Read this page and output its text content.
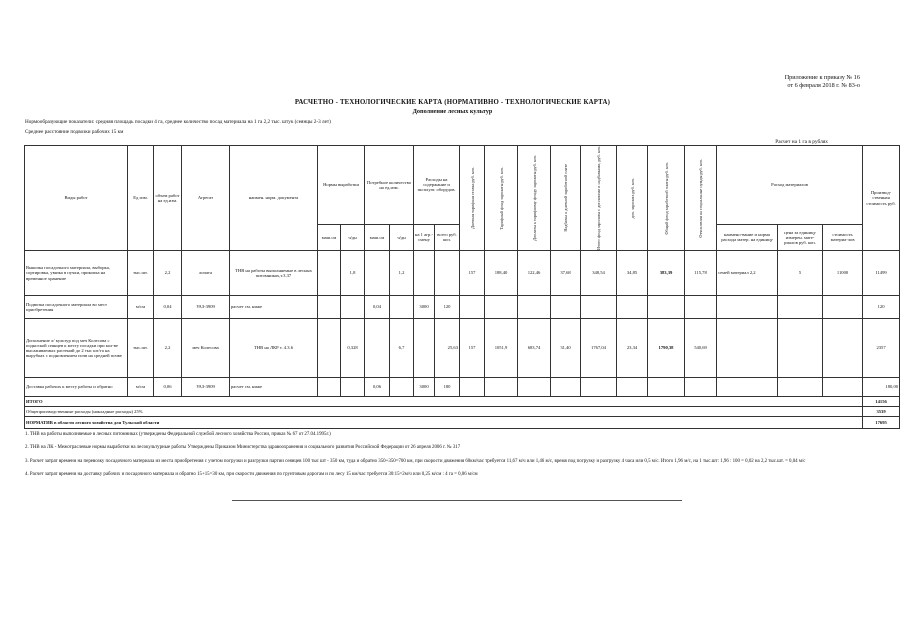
Приложение к приказу № 16
от 6 февраля 2018 г. № 83-о
РАСЧЕТНО - ТЕХНОЛОГИЧЕСКИЕ КАРТА (НОРМАТИВНО - ТЕХНОЛОГИЧЕСКИЕ КАРТА)
Дополнение лесных культур
Нормообразующие показатели: средняя площадь посадки 4 га, среднее количество посад материала на 1 га 2,2 тыс. штук (сеянцы 2-3 лет)
Среднее расстояние подвозки рабочих 15 км
Расчет на 1 га в рублях
Виды работ	Ед изм.	объем работ на ед.изм.	Агрегат	наимен. норм. документа	Нормы выработки		Потребное количество на ед.изм.		Расходы на содержание и эксплуат. оборудов.		Дневная тарифная ставка руб. коп.	Тарифный фонд зарплаты руб. коп.	Доплаты к тарифному фонду зарплаты руб. коп.	Надбавка к дневной заработной плате	Итого фонд зарплаты с доплатами и надбавками, руб. коп.	доп. зарплата руб. коп.	Общий фонд заработной платы руб. коп.	Отчисления на социальные нужды руб. коп.	Расход материалов			Производ-ственная стоимость руб.
					маш.см	ч/дн	маш.см	ч/дн	на 1 агр.-смену	всего руб. коп.									наимено-вание и норма расхода матер. на единицу	цена за единицу измерен. мате-риалов руб. коп.	стоимость материа-лов	
Выкопка посадочного материала, выборка, сортировка, увязка в пучки, прикопка на временное хранение	тыс.шт.	2,2	лопата	ТНВ на работы выполняемые в лесных питомниках,т.3.37		1,8		1,2			157	188,40	122,46	37,68	348,54	34,85	383,39	115,78	семей материал 2,2	5	11000	11499
Подвозка посадочного материала во мест приобретения	м/см	0,04	УАЗ-3909	расчет см. ниже			0,04		3000	120												120
Дополнение л/ культур под меч Колесова с подноской сеянцев к месту посадки при кол-ве высаживаемых растений до 2 тыс шт/га на вырубках с подновлением почв на средней почве	тыс.шт.	2,2	меч Колесова	ТНВ на ЛКР т. 4.3.6		0,328		6,7		25,63	157	1051,9	683,74	31,40	1767,04	23,34	1790,38	540,69				2357
Доставка рабочих к месту работы и обратно	м/см	0,06	УАЗ-3909	расчет см. ниже			0,06		3000	180												180,00
ИТОГО																						14156
Общепроизводственные расходы (накладные расходы) 25%																						3539
НОРМАТИВ в области лесного хозяйства для Тульской области																						17695

1. ТНВ на работы выполняемые в лесных питомниках (утверждены Федеральной службой лесного хозяйства России, приказ № 67 от 27.04.1995г.)

2. ТНВ на ЛК - Межотраслевые нормы выработки на лесокультурные работы Утверждены Приказом Министерства здравоохранения и социального развития Российской Федерации от 26 апреля 2006 г. № 317

3. Расчет затрат времени на перевозку посадочного материала из места приобретения с учетом погрузки и разгрузки партии сеянцев 100 тыс шт - 350 км, туда и обратно 350+350=700 км, при скорости движения 60км/час требуется 11,67 м/ч или 1,46 м/с, время под погрузку и разгрузку 4 часа или 0,5 м/с. Итого 1,96 м/с, на 1 тыс.шт: 1,96 : 100 = 0,02 на 2,2 тыс.шт. = 0,04 м/с

4. Расчет затрат времени на доставку рабочих и посадочного материала и обратно 15+15=30 км, при скорости движения по грунтовым дорогам и по лесу 15 км/час требуется 30:15=2м/ч или 0,25 м/см : 4 га = 0,06 м/см
